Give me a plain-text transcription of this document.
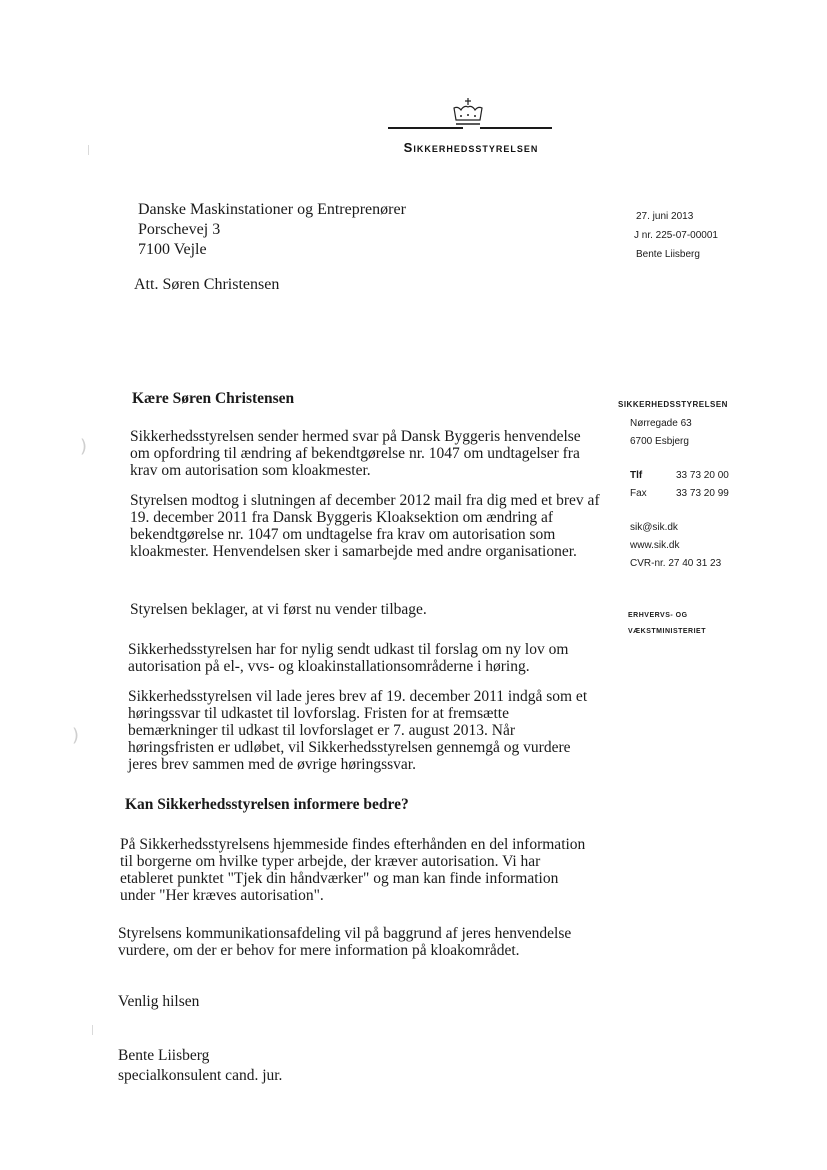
Sikkerhedsstyrelsen
Danske Maskinstationer og Entreprenører
Porschevej 3
7100 Vejle
Att. Søren Christensen
27. juni 2013
J nr. 225-07-00001
Bente Liisberg
SIKKERHEDSSTYRELSEN
Nørregade 63
6700 Esbjerg
Tlf	33 73 20 00
Fax	33 73 20 99
sik@sik.dk
www.sik.dk
CVR-nr. 27 40 31 23
ERHVERVS- OG
VÆKSTMINISTERIET
Kære Søren Christensen
Sikkerhedsstyrelsen sender hermed svar på Dansk Byggeris henvendelse om opfordring til ændring af bekendtgørelse nr. 1047 om undtagelser fra krav om autorisation som kloakmester.
Styrelsen modtog i slutningen af december 2012 mail fra dig med et brev af 19. december 2011 fra Dansk Byggeris Kloaksektion om ændring af bekendtgørelse nr. 1047 om undtagelse fra krav om autorisation som kloakmester. Henvendelsen sker i samarbejde med andre organisationer.
Styrelsen beklager, at vi først nu vender tilbage.
Sikkerhedsstyrelsen har for nylig sendt udkast til forslag om ny lov om autorisation på el-, vvs- og kloakinstallationsområderne i høring.
Sikkerhedsstyrelsen vil lade jeres brev af 19. december 2011 indgå som et høringssvar til udkastet til lovforslag. Fristen for at fremsætte bemærkninger til udkast til lovforslaget er 7. august 2013. Når høringsfristen er udløbet, vil Sikkerhedsstyrelsen gennemgå og vurdere jeres brev sammen med de øvrige høringssvar.
Kan Sikkerhedsstyrelsen informere bedre?
På Sikkerhedsstyrelsens hjemmeside findes efterhånden en del information til borgerne om hvilke typer arbejde, der kræver autorisation. Vi har etableret punktet "Tjek din håndværker" og man kan finde information under "Her kræves autorisation".
Styrelsens kommunikationsafdeling vil på baggrund af jeres henvendelse vurdere, om der er behov for mere information på kloakområdet.
Venlig hilsen
Bente Liisberg
specialkonsulent cand. jur.
)
)
